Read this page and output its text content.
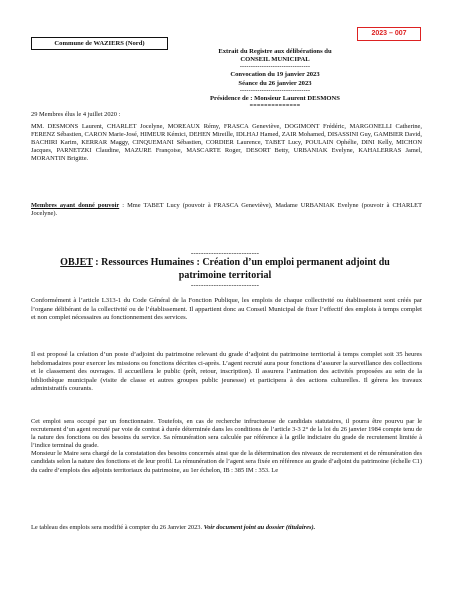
2023 – 007
Commune de WAZIERS (Nord)
Extrait du Registre aux délibérations du
CONSEIL MUNICIPAL
--------------------------------
Convocation du 19 janvier 2023
Séance du 26 janvier 2023
--------------------------------
Présidence de : Monsieur Laurent DESMONS
==============
29 Membres élus le 4 juillet 2020 :
MM. DESMONS Laurent, CHARLET Jocelyne, MOREAUX Rémy, FRASCA Geneviève, DOGIMONT Frédéric, MARGONELLI Catherine, FERENZ Sébastien, CARON Marie-José, HIMEUR Kémici, DEHEN Mireille, IDLHAJ Hamed, ZAIR Mohamed, DISASSINI Guy, GAMBIER David, BACHIRI Karim, KERRAR Maggy, CINQUEMANI Sébastien, CORDIER Laurence, TABET Lucy, POULAIN Ophélie, DINI Kelly, MICHON Jacques, PARNETZKI Claudine, MAZURE Françoise, MASCARTE Roger, DESORT Betty, URBANIAK Evelyne, KAHALERRAS Jamel, MORANTIN Brigitte.
Membres ayant donné pouvoir : Mme TABET Lucy (pouvoir à FRASCA Geneviève), Madame URBANIAK Evelyne (pouvoir à CHARLET Jocelyne).
---------------------------
OBJET : Ressources Humaines : Création d’un emploi permanent adjoint du patrimoine territorial
---------------------------
Conformément à l’article L313-1 du Code Général de la Fonction Publique, les emplois de chaque collectivité ou établissement sont créés par l’organe délibérant de la collectivité ou de l’établissement. Il appartient donc au Conseil Municipal de fixer l’effectif des emplois à temps complet et non complet nécessaires au fonctionnement des services.
Il est proposé la création d’un poste d’adjoint du patrimoine relevant du grade d’adjoint du patrimoine territorial à temps complet soit 35 heures hebdomadaires pour exercer les missions ou fonctions décrites ci-après. L’agent recruté aura pour fonctions d’assurer la surveillance des collections et le classement des ouvrages. Il accueillera le public (prêt, retour, inscription). Il assurera l’animation des activités proposées au sein de la bibliothèque municipale (visite de classe et autres groupes public jeunesse) et participera à des actions culturelles. Il gérera les travaux administratifs courants.
Cet emploi sera occupé par un fonctionnaire. Toutefois, en cas de recherche infructueuse de candidats statutaires, il pourra être pourvu par le recrutement d’un agent recruté par voie de contrat à durée déterminée dans les conditions de l’article 3-3 2° de la loi du 26 janvier 1984 compte tenu de la nature des fonctions ou des besoins du service. Sa rémunération sera calculée par référence à la grille indiciaire du grade de recrutement limitée à l’indice terminal du grade.
Monsieur le Maire sera chargé de la constatation des besoins concernés ainsi que de la détermination des niveaux de recrutement et de rémunération des candidats selon la nature des fonctions et de leur profil. La rémunération de l’agent sera fixée en référence au grade d’adjoint du patrimoine (échelle C1) du cadre d’emplois des adjoints territoriaux du patrimoine, au 1er échelon, IB : 385 IM : 353. Le
Le tableau des emplois sera modifié à compter du 26 Janvier 2023. Voir document joint au dossier (titulaires).
